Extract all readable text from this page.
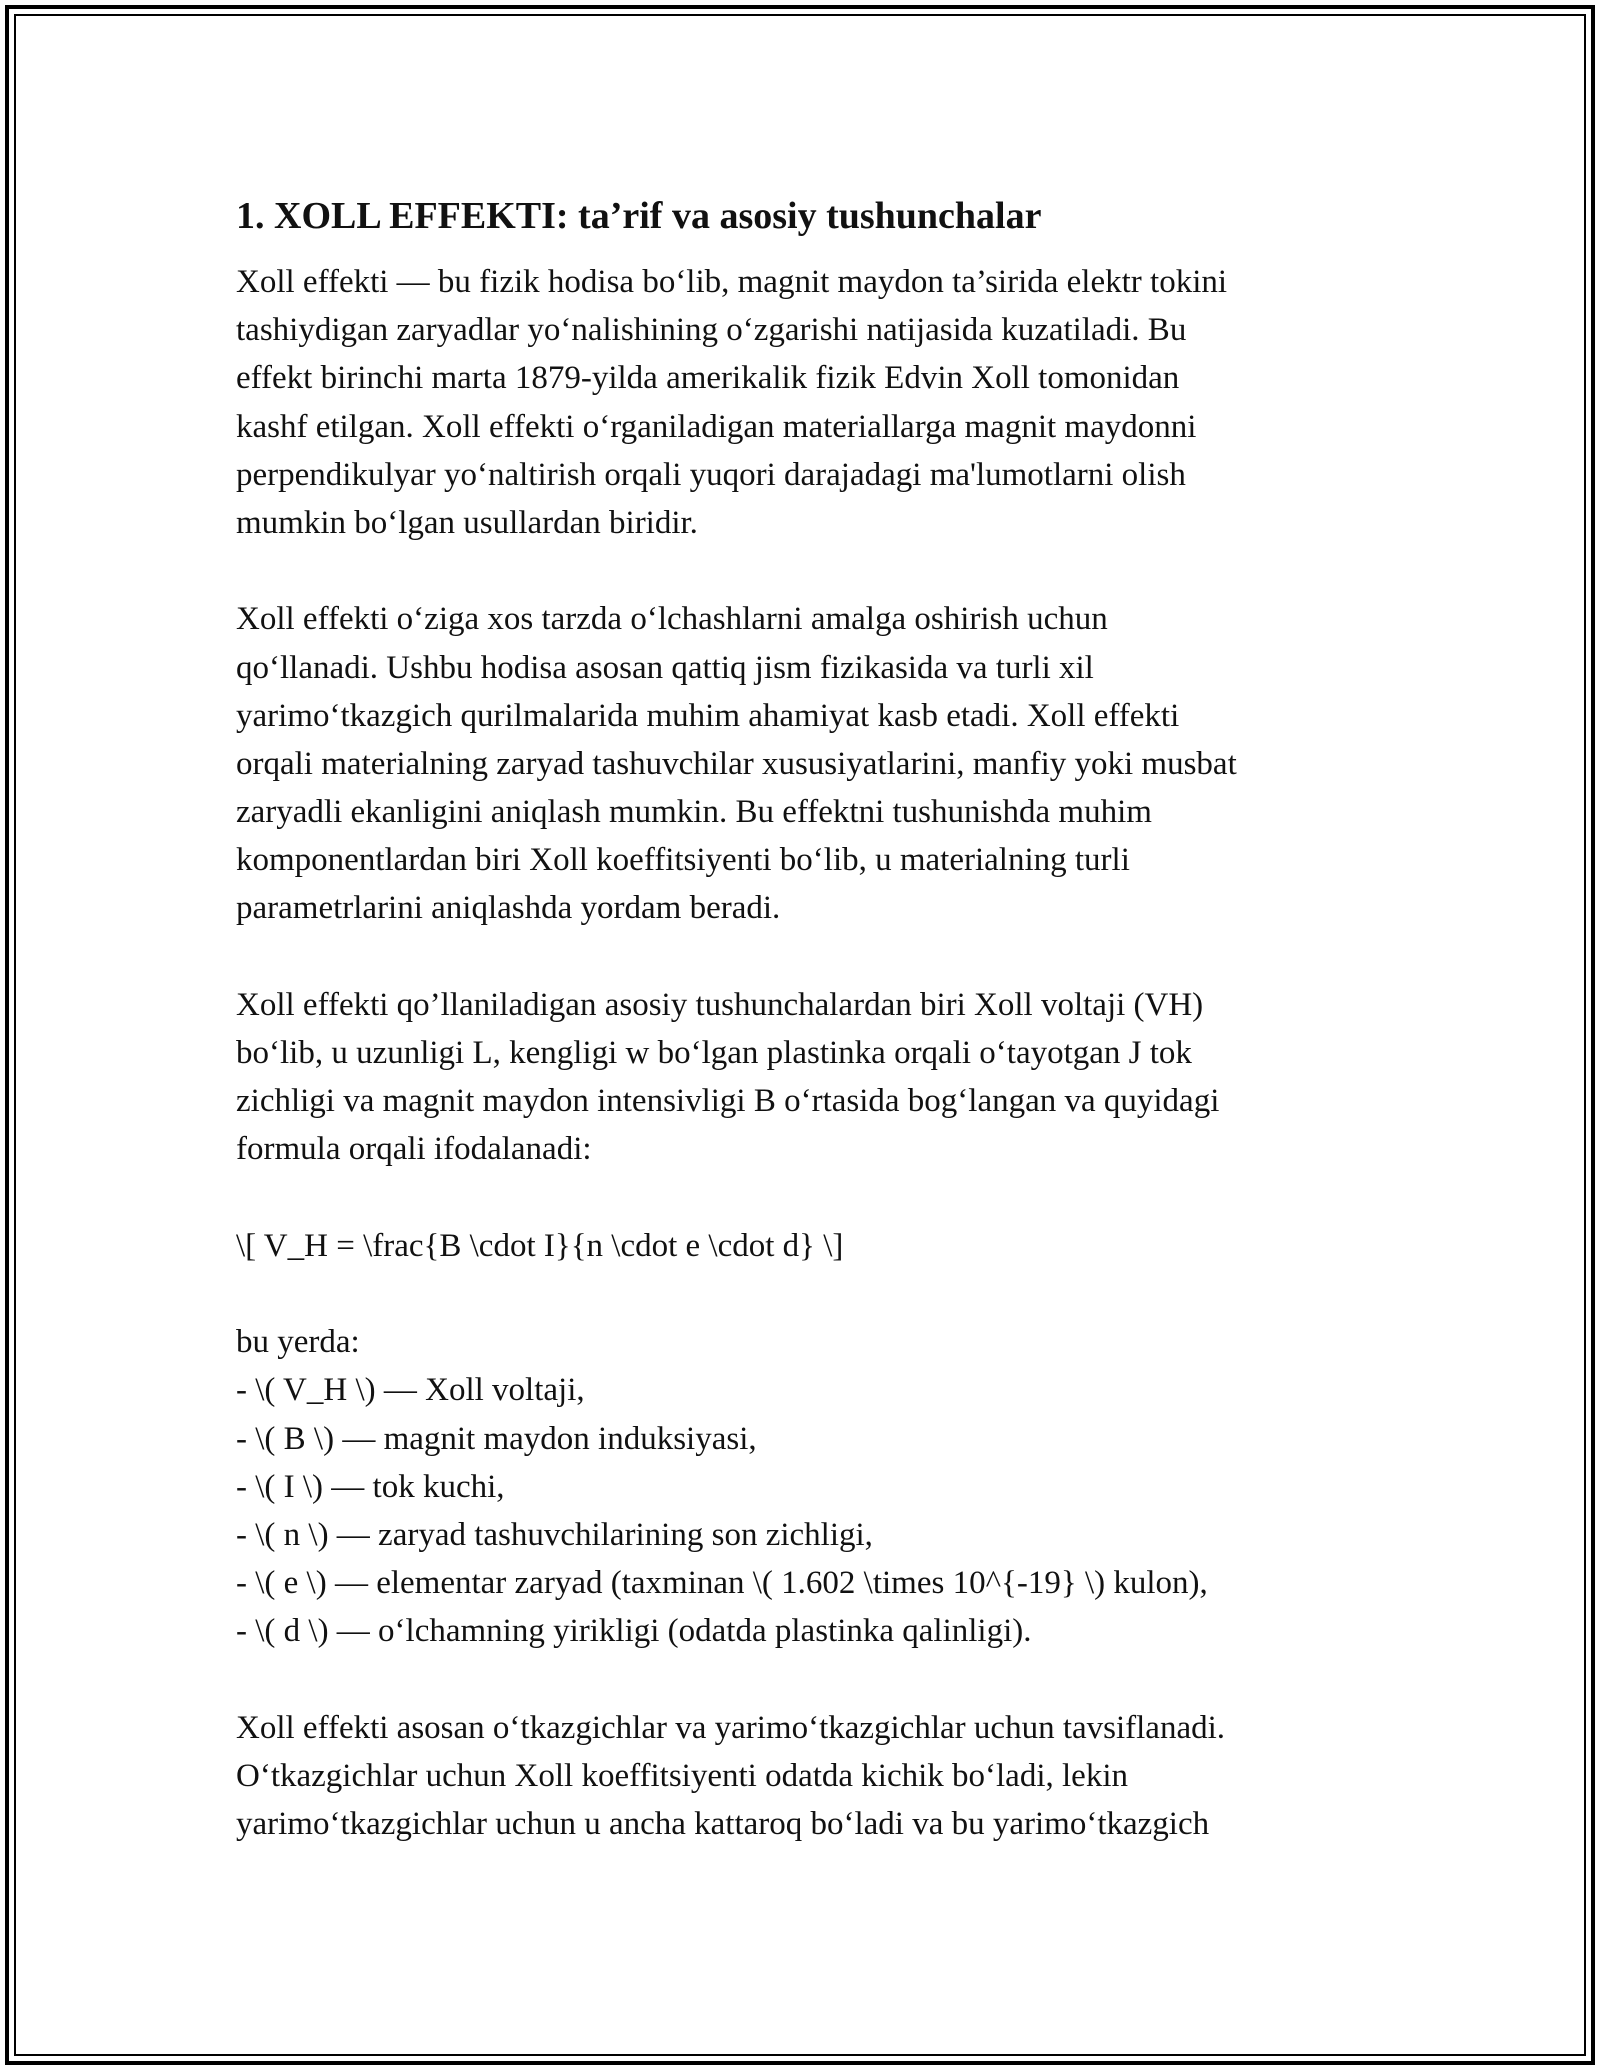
1. XOLL EFFEKTI: ta’rif va asosiy tushunchalar
Xoll effekti — bu fizik hodisa bo‘lib, magnit maydon ta’sirida elektr tokini
tashiydigan zaryadlar yo‘nalishining o‘zgarishi natijasida kuzatiladi. Bu
effekt birinchi marta 1879-yilda amerikalik fizik Edvin Xoll tomonidan
kashf etilgan. Xoll effekti o‘rganiladigan materiallarga magnit maydonni
perpendikulyar yo‘naltirish orqali yuqori darajadagi ma'lumotlarni olish
mumkin bo‘lgan usullardan biridir.
Xoll effekti o‘ziga xos tarzda o‘lchashlarni amalga oshirish uchun
qo‘llanadi. Ushbu hodisa asosan qattiq jism fizikasida va turli xil
yarimo‘tkazgich qurilmalarida muhim ahamiyat kasb etadi. Xoll effekti
orqali materialning zaryad tashuvchilar xususiyatlarini, manfiy yoki musbat
zaryadli ekanligini aniqlash mumkin. Bu effektni tushunishda muhim
komponentlardan biri Xoll koeffitsiyenti bo‘lib, u materialning turli
parametrlarini aniqlashda yordam beradi.
Xoll effekti qo’llaniladigan asosiy tushunchalardan biri Xoll voltaji (VH)
bo‘lib, u uzunligi L, kengligi w bo‘lgan plastinka orqali o‘tayotgan J tok
zichligi va magnit maydon intensivligi B o‘rtasida bog‘langan va quyidagi
formula orqali ifodalanadi:
\[ V_H = \frac{B \cdot I}{n \cdot e \cdot d} \]
bu yerda:
- \( V_H \) — Xoll voltaji,
- \( B \) — magnit maydon induksiyasi,
- \( I \) — tok kuchi,
- \( n \) — zaryad tashuvchilarining son zichligi,
- \( e \) — elementar zaryad (taxminan \( 1.602 \times 10^{-19} \) kulon),
- \( d \) — o‘lchamning yirikligi (odatda plastinka qalinligi).
Xoll effekti asosan o‘tkazgichlar va yarimo‘tkazgichlar uchun tavsiflanadi.
O‘tkazgichlar uchun Xoll koeffitsiyenti odatda kichik bo‘ladi, lekin
yarimo‘tkazgichlar uchun u ancha kattaroq bo‘ladi va bu yarimo‘tkazgich
